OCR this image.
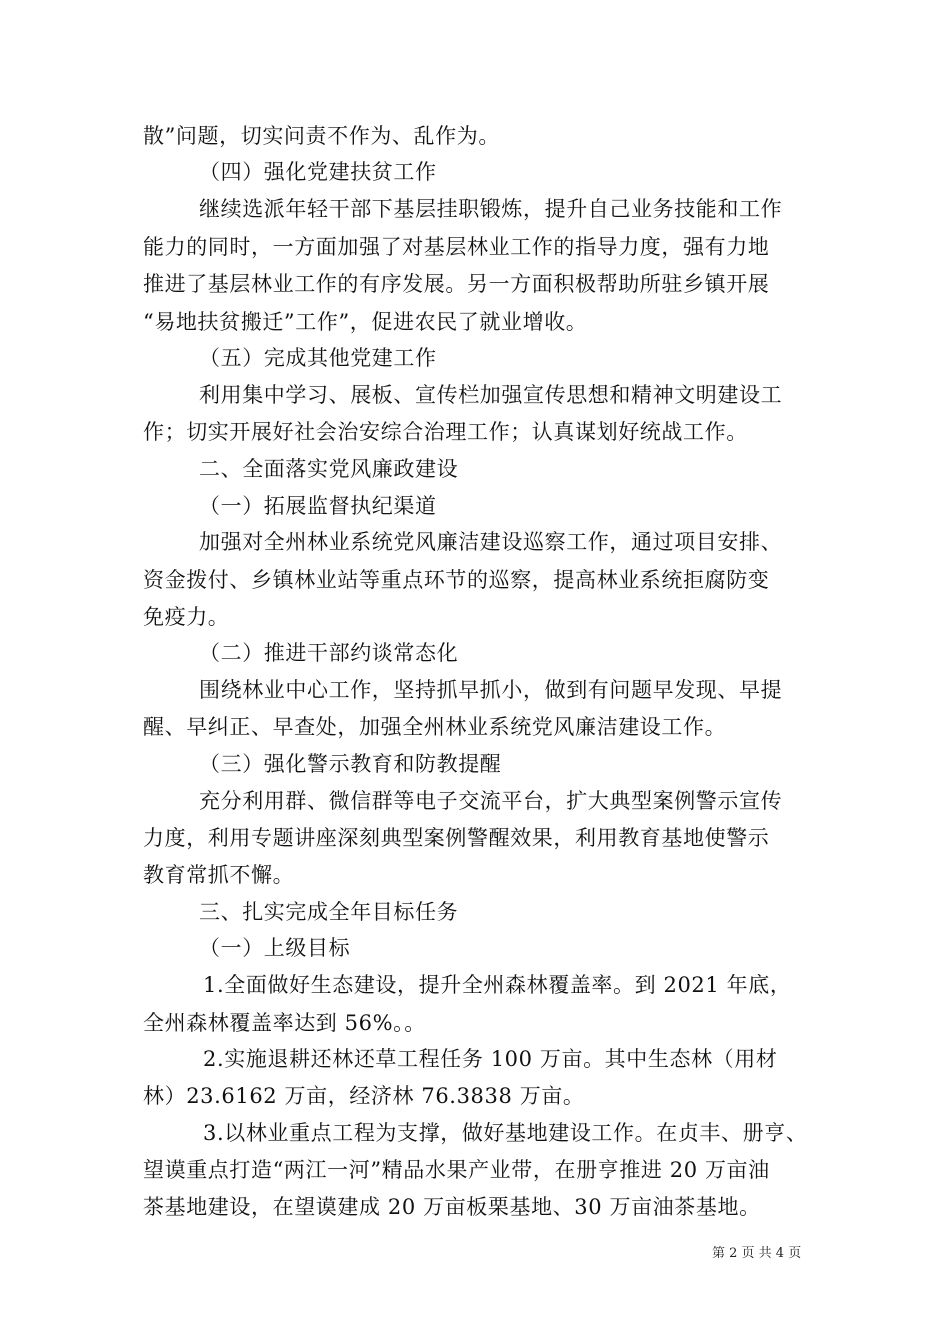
散”问题，切实问责不作为、乱作为。
（四）强化党建扶贫工作
继续选派年轻干部下基层挂职锻炼，提升自己业务技能和工作
能力的同时，一方面加强了对基层林业工作的指导力度，强有力地
推进了基层林业工作的有序发展。另一方面积极帮助所驻乡镇开展
“易地扶贫搬迁”工作”，促进农民了就业增收。
（五）完成其他党建工作
利用集中学习、展板、宣传栏加强宣传思想和精神文明建设工
作；切实开展好社会治安综合治理工作；认真谋划好统战工作。
二、全面落实党风廉政建设
（一）拓展监督执纪渠道
加强对全州林业系统党风廉洁建设巡察工作，通过项目安排、
资金拨付、乡镇林业站等重点环节的巡察，提高林业系统拒腐防变
免疫力。
（二）推进干部约谈常态化
围绕林业中心工作，坚持抓早抓小，做到有问题早发现、早提
醒、早纠正、早查处，加强全州林业系统党风廉洁建设工作。
（三）强化警示教育和防教提醒
充分利用群、微信群等电子交流平台，扩大典型案例警示宣传
力度，利用专题讲座深刻典型案例警醒效果，利用教育基地使警示
教育常抓不懈。
三、扎实完成全年目标任务
（一）上级目标
1.全面做好生态建设，提升全州森林覆盖率。到 2021 年底，
全州森林覆盖率达到 56%。。
2.实施退耕还林还草工程任务 100 万亩。其中生态林（用材
林）23.6162 万亩，经济林 76.3838 万亩。
3.以林业重点工程为支撑，做好基地建设工作。在贞丰、册亨、
望谟重点打造“两江一河”精品水果产业带，在册亨推进 20 万亩油
茶基地建设，在望谟建成 20 万亩板栗基地、30 万亩油茶基地。
第 2 页 共 4 页
